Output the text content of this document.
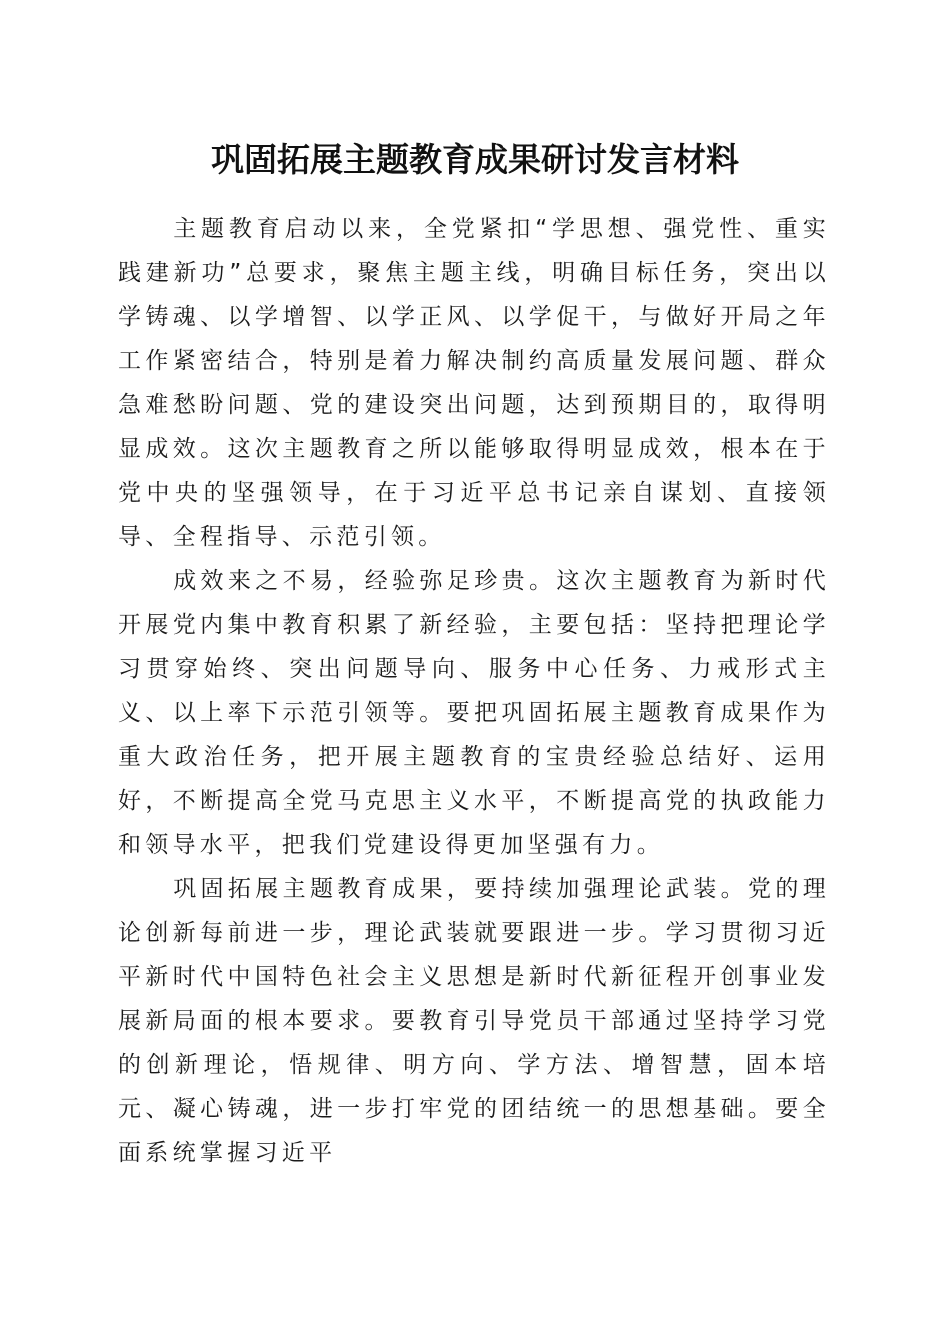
巩固拓展主题教育成果研讨发言材料

主题教育启动以来，全党紧扣“学思想、强党性、重实践建新功”总要求，聚焦主题主线，明确目标任务，突出以学铸魂、以学增智、以学正风、以学促干，与做好开局之年工作紧密结合，特别是着力解决制约高质量发展问题、群众急难愁盼问题、党的建设突出问题，达到预期目的，取得明显成效。这次主题教育之所以能够取得明显成效，根本在于党中央的坚强领导，在于习近平总书记亲自谋划、直接领导、全程指导、示范引领。

成效来之不易，经验弥足珍贵。这次主题教育为新时代开展党内集中教育积累了新经验，主要包括：坚持把理论学习贯穿始终、突出问题导向、服务中心任务、力戒形式主义、以上率下示范引领等。要把巩固拓展主题教育成果作为重大政治任务，把开展主题教育的宝贵经验总结好、运用好，不断提高全党马克思主义水平，不断提高党的执政能力和领导水平，把我们党建设得更加坚强有力。

巩固拓展主题教育成果，要持续加强理论武装。党的理论创新每前进一步，理论武装就要跟进一步。学习贯彻习近平新时代中国特色社会主义思想是新时代新征程开创事业发展新局面的根本要求。要教育引导党员干部通过坚持学习党的创新理论，悟规律、明方向、学方法、增智慧，固本培元、凝心铸魂，进一步打牢党的团结统一的思想基础。要全面系统掌握习近平
